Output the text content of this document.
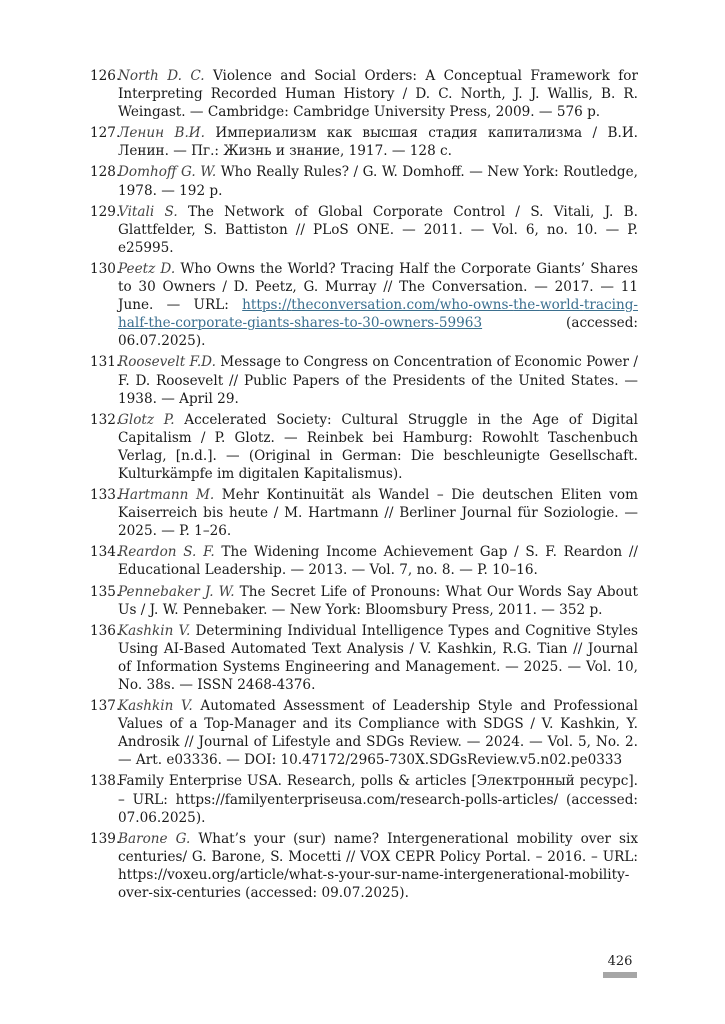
126.
North D. C. Violence and Social Orders: A Conceptual Framework for Interpreting Recorded Human History / D. C. North, J. J. Wallis, B. R. Weingast. — Cambridge: Cambridge University Press, 2009. — 576 p.
127.
Ленин В.И. Империализм как высшая стадия капитализма / В.И. Ленин. — Пг.: Жизнь и знание, 1917. — 128 с.
128.
Domhoff G. W. Who Really Rules? / G. W. Domhoff. — New York: Routledge, 1978. — 192 p.
129.
Vitali S. The Network of Global Corporate Control / S. Vitali, J. B. Glattfelder, S. Battiston // PLoS ONE. — 2011. — Vol. 6, no. 10. — P. e25995.
130.
Peetz D. Who Owns the World? Tracing Half the Corporate Giants’ Shares to 30 Owners / D. Peetz, G. Murray // The Conversation. — 2017. — 11 June. — URL: https://theconversation.com/who-owns-the-world-tracing-half-the-corporate-giants-shares-to-30-owners-59963 (accessed: 06.07.2025).
131.
Roosevelt F.D. Message to Congress on Concentration of Economic Power / F. D. Roosevelt // Public Papers of the Presidents of the United States. — 1938. — April 29.
132.
Glotz P. Accelerated Society: Cultural Struggle in the Age of Digital Capitalism / P. Glotz. — Reinbek bei Hamburg: Rowohlt Taschenbuch Verlag, [n.d.]. — (Original in German: Die beschleunigte Gesellschaft. Kulturkämpfe im digitalen Kapitalismus).
133.
Hartmann M. Mehr Kontinuität als Wandel – Die deutschen Eliten vom Kaiserreich bis heute / M. Hartmann // Berliner Journal für Soziologie. — 2025. — P. 1–26.
134.
Reardon S. F. The Widening Income Achievement Gap / S. F. Reardon // Educational Leadership. — 2013. — Vol. 7, no. 8. — P. 10–16.
135.
Pennebaker J. W. The Secret Life of Pronouns: What Our Words Say About Us / J. W. Pennebaker. — New York: Bloomsbury Press, 2011. — 352 p.
136.
Kashkin V. Determining Individual Intelligence Types and Cognitive Styles Using AI-Based Automated Text Analysis / V. Kashkin, R.G. Tian // Journal of Information Systems Engineering and Management. — 2025. — Vol. 10, No. 38s. — ISSN 2468-4376.
137.
Kashkin V. Automated Assessment of Leadership Style and Professional Values of a Top-Manager and its Compliance with SDGS / V. Kashkin, Y. Androsik // Journal of Lifestyle and SDGs Review. — 2024. — Vol. 5, No. 2. — Art. e03336. — DOI: 10.47172/2965-730X.SDGsReview.v5.n02.pe0333
138.
Family Enterprise USA. Research, polls & articles [Электронный ресурс]. – URL: https://familyenterpriseusa.com/research-polls-articles/ (accessed: 07.06.2025).
139.
Barone G. What’s your (sur) name? Intergenerational mobility over six centuries/ G. Barone, S. Mocetti // VOX CEPR Policy Portal. – 2016. – URL: https://voxeu.org/article/what-s-your-sur-name-intergenerational-mobility-over-six-centuries (accessed: 09.07.2025).
426
